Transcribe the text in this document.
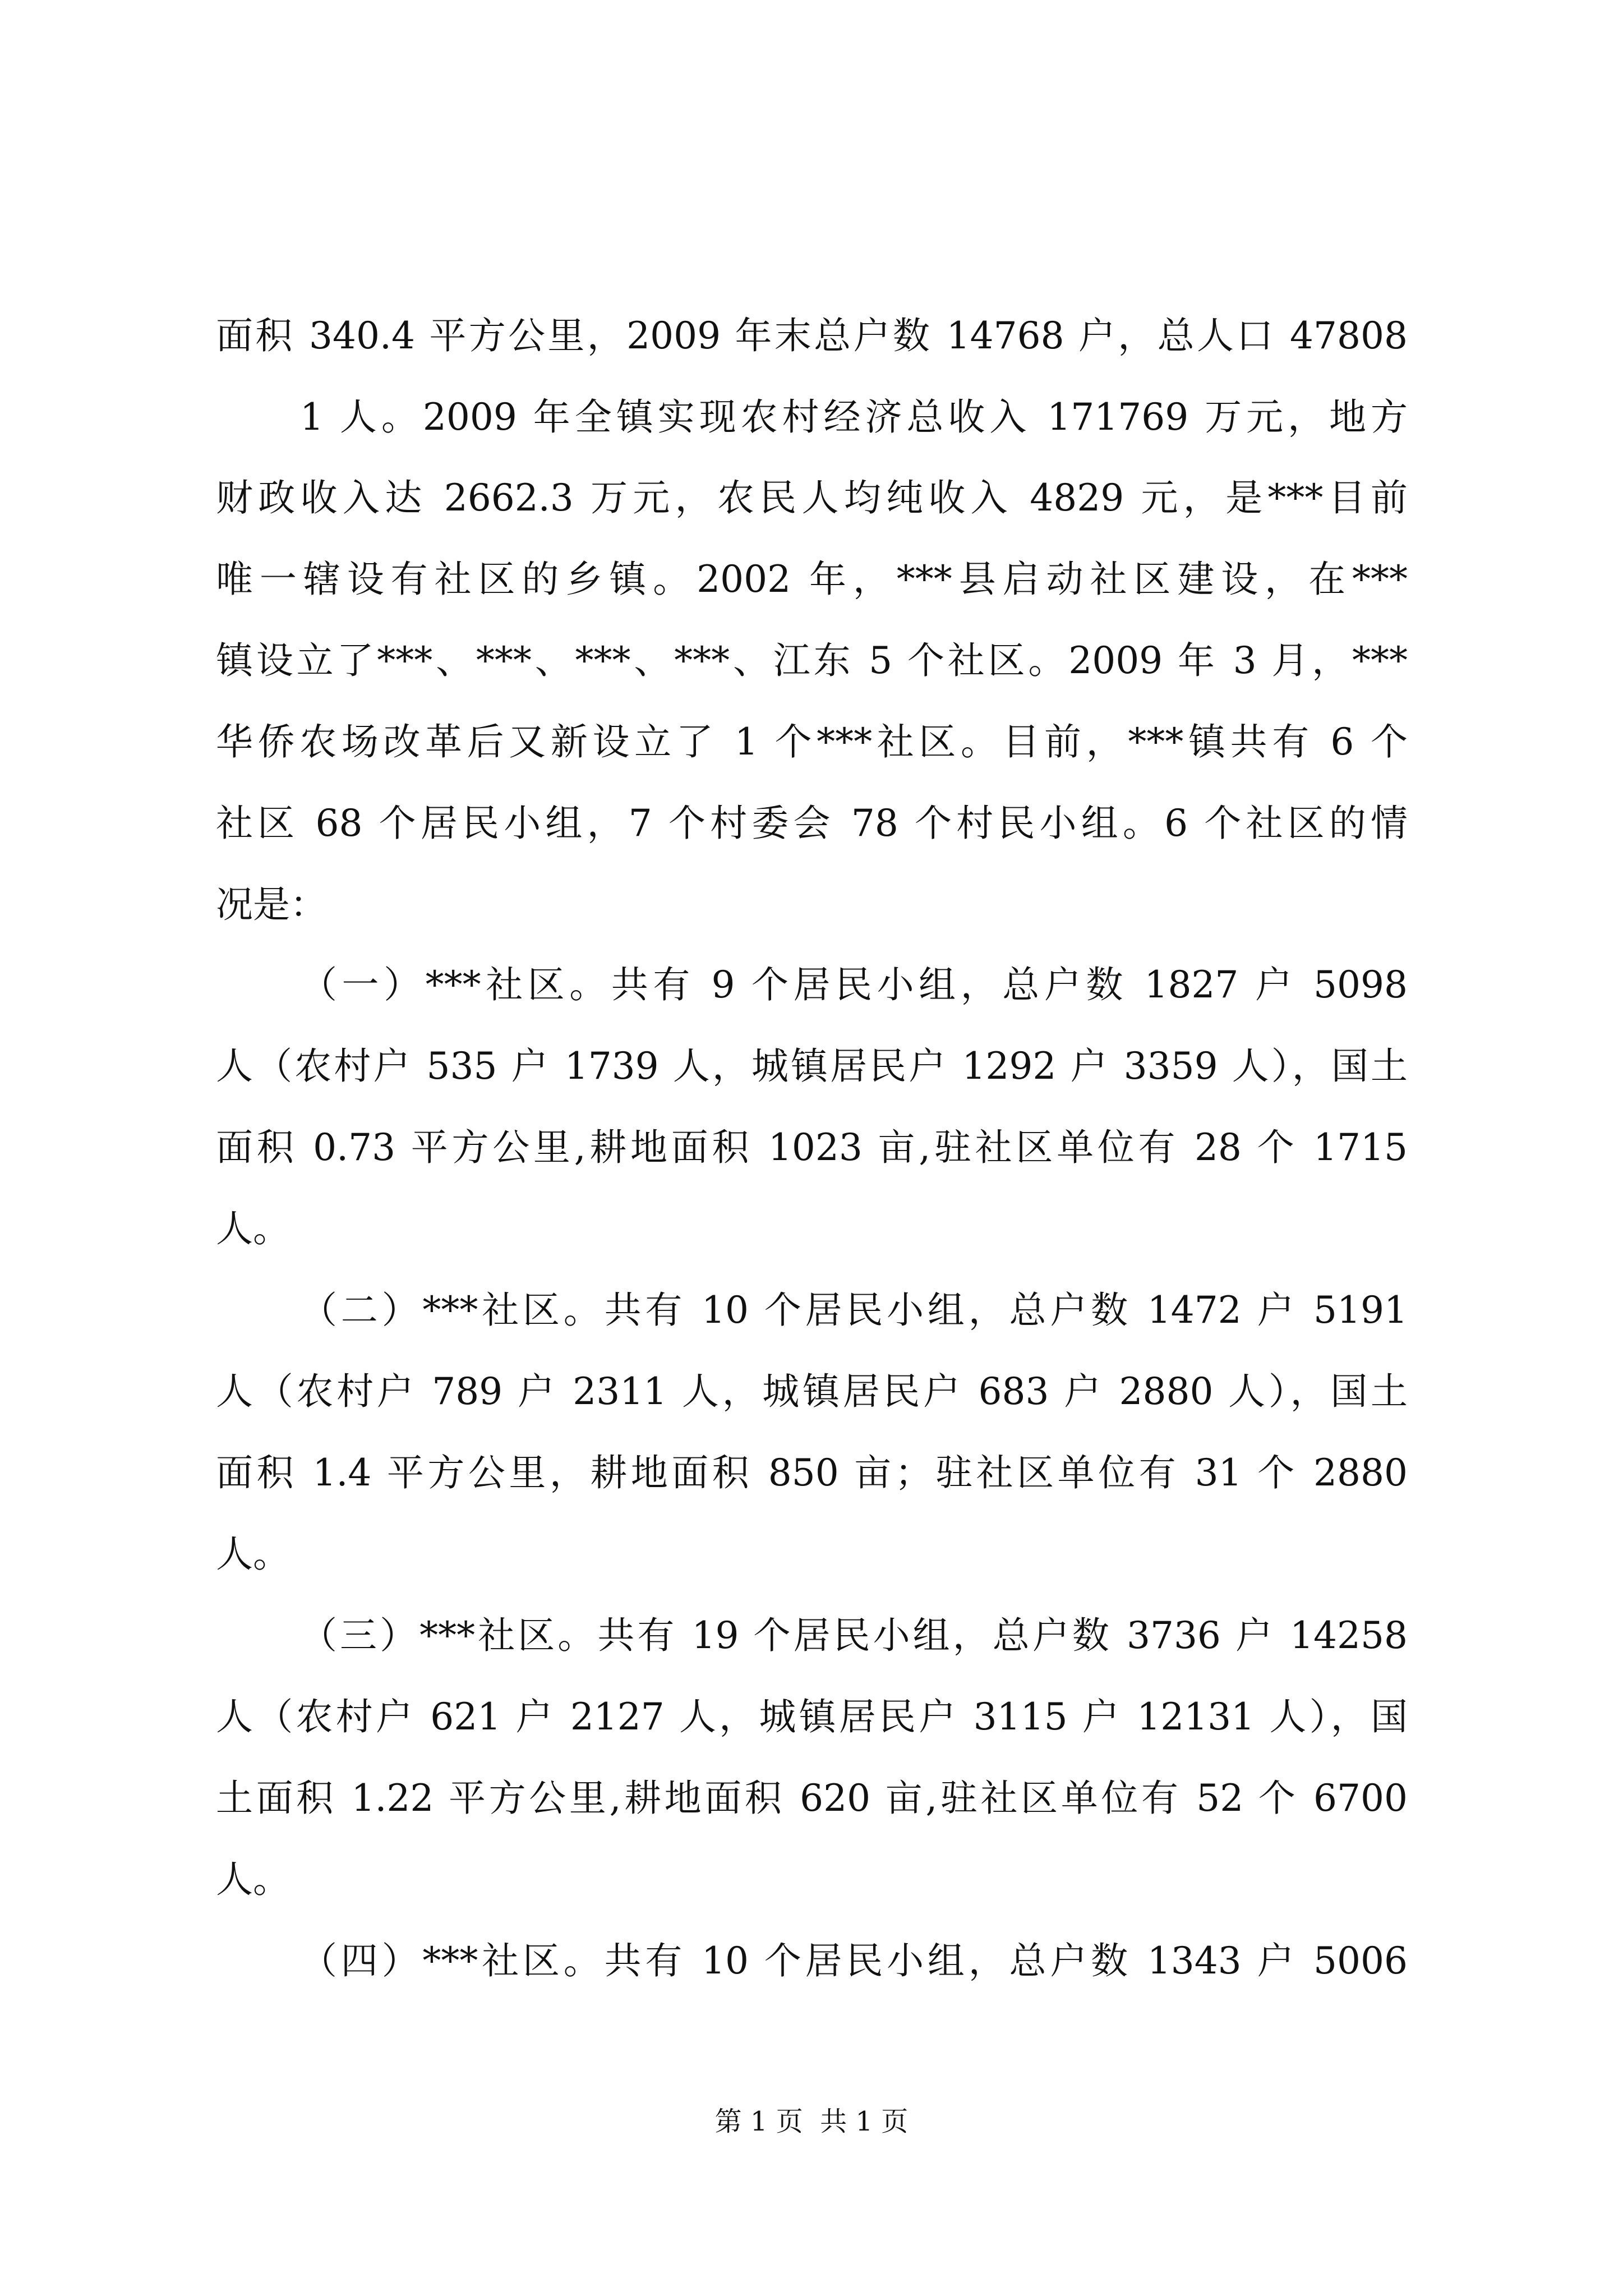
面积 340.4 平方公里，2009 年末总户数 14768 户，总人口 47808
1 人。2009 年全镇实现农村经济总收入 171769 万元，地方
财政收入达 2662.3 万元，农民人均纯收入 4829 元，是***目前
唯一辖设有社区的乡镇。2002 年，***县启动社区建设，在***
镇设立了***、***、***、***、江东 5 个社区。2009 年 3 月，***
华侨农场改革后又新设立了 1 个***社区。目前，***镇共有 6 个
社区 68 个居民小组，7 个村委会 78 个村民小组。6 个社区的情
况是：
（一）***社区。共有 9 个居民小组，总户数 1827 户 5098
人（农村户 535 户 1739 人，城镇居民户 1292 户 3359 人），国土
面积 0.73 平方公里,耕地面积 1023 亩,驻社区单位有 28 个 1715
人。
（二）***社区。共有 10 个居民小组，总户数 1472 户 5191
人（农村户 789 户 2311 人，城镇居民户 683 户 2880 人），国土
面积 1.4 平方公里，耕地面积 850 亩；驻社区单位有 31 个 2880
人。
（三）***社区。共有 19 个居民小组，总户数 3736 户 14258
人（农村户 621 户 2127 人，城镇居民户 3115 户 12131 人），国
土面积 1.22 平方公里,耕地面积 620 亩,驻社区单位有 52 个 6700
人。
（四）***社区。共有 10 个居民小组，总户数 1343 户 5006
第 1 页  共 1 页
